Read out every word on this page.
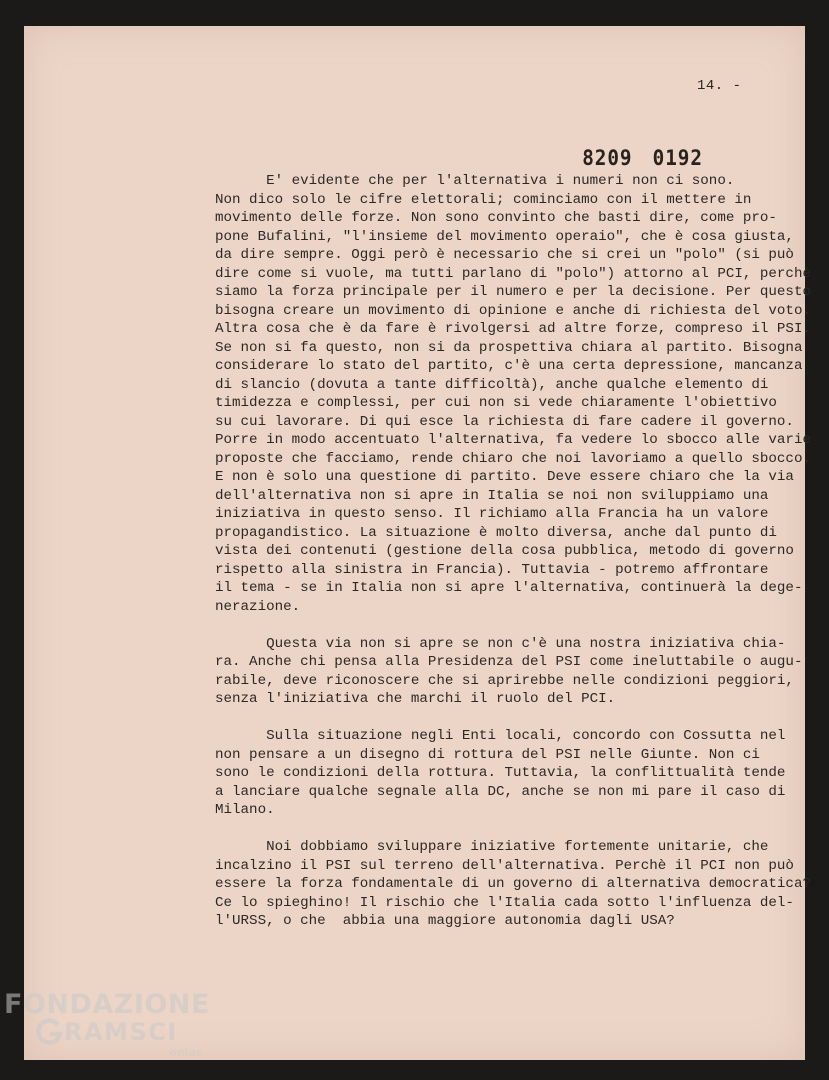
14. -

8209 0192

E' evidente che per l'alternativa i numeri non ci sono.
Non dico solo le cifre elettorali; cominciamo con il mettere in
movimento delle forze. Non sono convinto che basti dire, come pro-
pone Bufalini, "l'insieme del movimento operaio", che è cosa giusta,
da dire sempre. Oggi però è necessario che si crei un "polo" (si può
dire come si vuole, ma tutti parlano di "polo") attorno al PCI, perchè
siamo la forza principale per il numero e per la decisione. Per questo
bisogna creare un movimento di opinione e anche di richiesta del voto.
Altra cosa che è da fare è rivolgersi ad altre forze, compreso il PSI.
Se non si fa questo, non si da prospettiva chiara al partito. Bisogna
considerare lo stato del partito, c'è una certa depressione, mancanza
di slancio (dovuta a tante difficoltà), anche qualche elemento di
timidezza e complessi, per cui non si vede chiaramente l'obiettivo
su cui lavorare. Di qui esce la richiesta di fare cadere il governo.
Porre in modo accentuato l'alternativa, fa vedere lo sbocco alle varie
proposte che facciamo, rende chiaro che noi lavoriamo a quello sbocco.
E non è solo una questione di partito. Deve essere chiaro che la via
dell'alternativa non si apre in Italia se noi non sviluppiamo una
iniziativa in questo senso. Il richiamo alla Francia ha un valore
propagandistico. La situazione è molto diversa, anche dal punto di
vista dei contenuti (gestione della cosa pubblica, metodo di governo
rispetto alla sinistra in Francia). Tuttavia - potremo affrontare
il tema - se in Italia non si apre l'alternativa, continuerà la dege-
nerazione.
Questa via non si apre se non c'è una nostra iniziativa chia-
ra. Anche chi pensa alla Presidenza del PSI come ineluttabile o augu-
rabile, deve riconoscere che si aprirebbe nelle condizioni peggiori,
senza l'iniziativa che marchi il ruolo del PCI.
Sulla situazione negli Enti locali, concordo con Cossutta nel
non pensare a un disegno di rottura del PSI nelle Giunte. Non ci
sono le condizioni della rottura. Tuttavia, la conflittualità tende
a lanciare qualche segnale alla DC, anche se non mi pare il caso di
Milano.
Noi dobbiamo sviluppare iniziative fortemente unitarie, che
incalzino il PSI sul terreno dell'alternativa. Perchè il PCI non può
essere la forza fondamentale di un governo di alternativa democratica?
Ce lo spieghino! Il rischio che l'Italia cada sotto l'influenza del-
l'URSS, o che  abbia una maggiore autonomia dagli USA?
FONDAZIONE
RAMSCI
onlus
